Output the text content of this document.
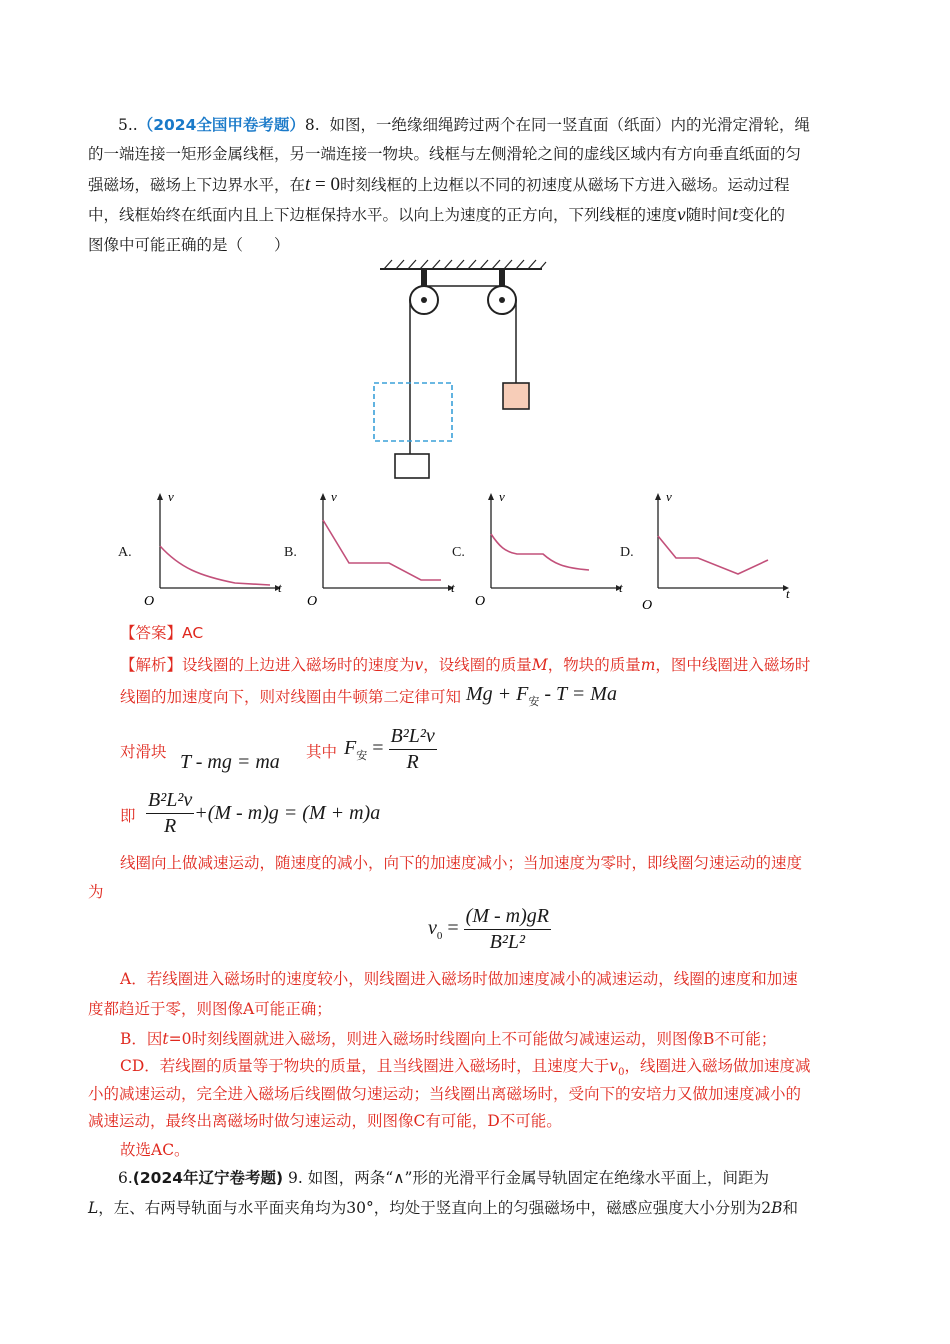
5..（2024全国甲卷考题）8. 如图，一绝缘细绳跨过两个在同一竖直面（纸面）内的光滑定滑轮，绳
的一端连接一矩形金属线框，另一端连接一物块。线框与左侧滑轮之间的虚线区域内有方向垂直纸面的匀
强磁场，磁场上下边界水平，在t = 0时刻线框的上边框以不同的初速度从磁场下方进入磁场。运动过程
中，线框始终在纸面内且上下边框保持水平。以向上为速度的正方向，下列线框的速度v随时间t变化的
图像中可能正确的是（　　）
A.	B.	C.	D.
v
t
O
v
t
O
v
t
O
v
t
O
【答案】AC
【解析】设线圈的上边进入磁场时的速度为v，设线圈的质量M，物块的质量m，图中线圈进入磁场时
线圈的加速度向下，则对线圈由牛顿第二定律可知 $Mg + F_安 - T = Ma$
对滑块 T - mg = ma 其中 $F_安 = \frac{\text{B²L²v}}{R}$
即 $\frac{\text{B²L²v}}{R} +(M - m)g = (M + m)a$
线圈向上做减速运动，随速度的减小，向下的加速度减小；当加速度为零时，即线圈匀速运动的速度
为
$v_0 = \frac{(M - m)gR}{\text{B²L²}}$
A．若线圈进入磁场时的速度较小，则线圈进入磁场时做加速度减小的减速运动，线圈的速度和加速
度都趋近于零，则图像A可能正确；
B．因t=0时刻线圈就进入磁场，则进入磁场时线圈向上不可能做匀减速运动，则图像B不可能；
CD．若线圈的质量等于物块的质量，且当线圈进入磁场时，且速度大于$v_0$，线圈进入磁场做加速度减
小的减速运动，完全进入磁场后线圈做匀速运动；当线圈出离磁场时，受向下的安培力又做加速度减小的
减速运动，最终出离磁场时做匀速运动，则图像C有可能，D不可能。
故选AC。
6.(2024年辽宁卷考题) 9. 如图，两条“∧”形的光滑平行金属导轨固定在绝缘水平面上，间距为
L，左、右两导轨面与水平面夹角均为30°，均处于竖直向上的匀强磁场中，磁感应强度大小分别为2B和
